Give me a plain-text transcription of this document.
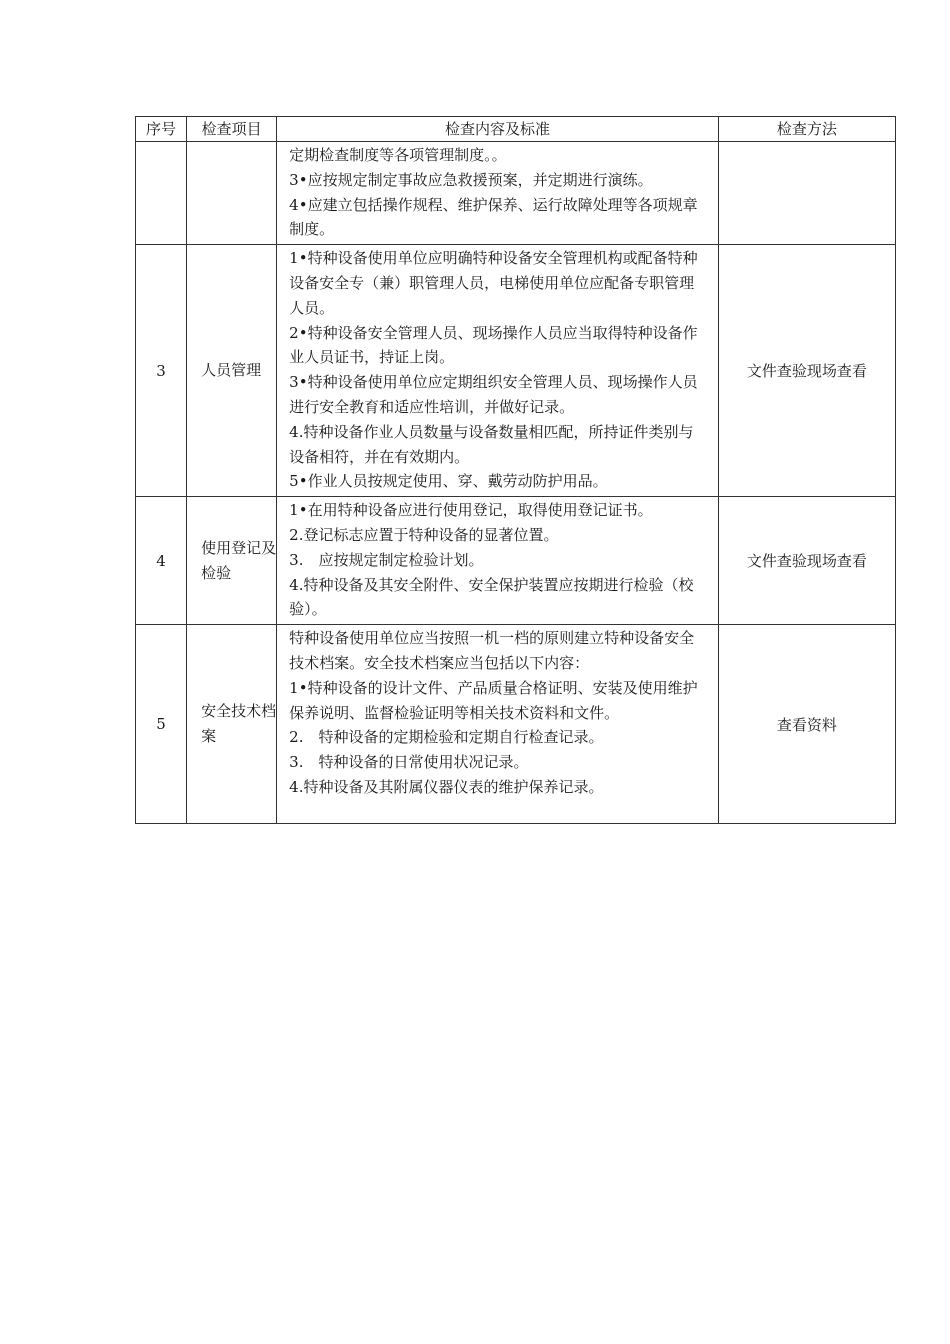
序号	检查项目	检查内容及标准	检查方法

		定期检查制度等各项管理制度。。
3•应按规定制定事故应急救援预案，并定期进行演练。
4•应建立包括操作规程、维护保养、运行故障处理等各项规章制度。	

3	人员管理	1•特种设备使用单位应明确特种设备安全管理机构或配备特种设备安全专（兼）职管理人员，电梯使用单位应配备专职管理人员。
2•特种设备安全管理人员、现场操作人员应当取得特种设备作业人员证书，持证上岗。
3•特种设备使用单位应定期组织安全管理人员、现场操作人员进行安全教育和适应性培训，并做好记录。
4.特种设备作业人员数量与设备数量相匹配，所持证件类别与设备相符，并在有效期内。
5•作业人员按规定使用、穿、戴劳动防护用品。	文件查验现场查看
4	使用登记及检验	1•在用特种设备应进行使用登记，取得使用登记证书。
2.登记标志应置于特种设备的显著位置。
3.　应按规定制定检验计划。
4.特种设备及其安全附件、安全保护装置应按期进行检验（校验）。	文件查验现场查看
5	安全技术档案	特种设备使用单位应当按照一机一档的原则建立特种设备安全技术档案。安全技术档案应当包括以下内容：
1•特种设备的设计文件、产品质量合格证明、安装及使用维护保养说明、监督检验证明等相关技术资料和文件。
2.　特种设备的定期检验和定期自行检查记录。
3.　特种设备的日常使用状况记录。
4.特种设备及其附属仪器仪表的维护保养记录。	查看资料
